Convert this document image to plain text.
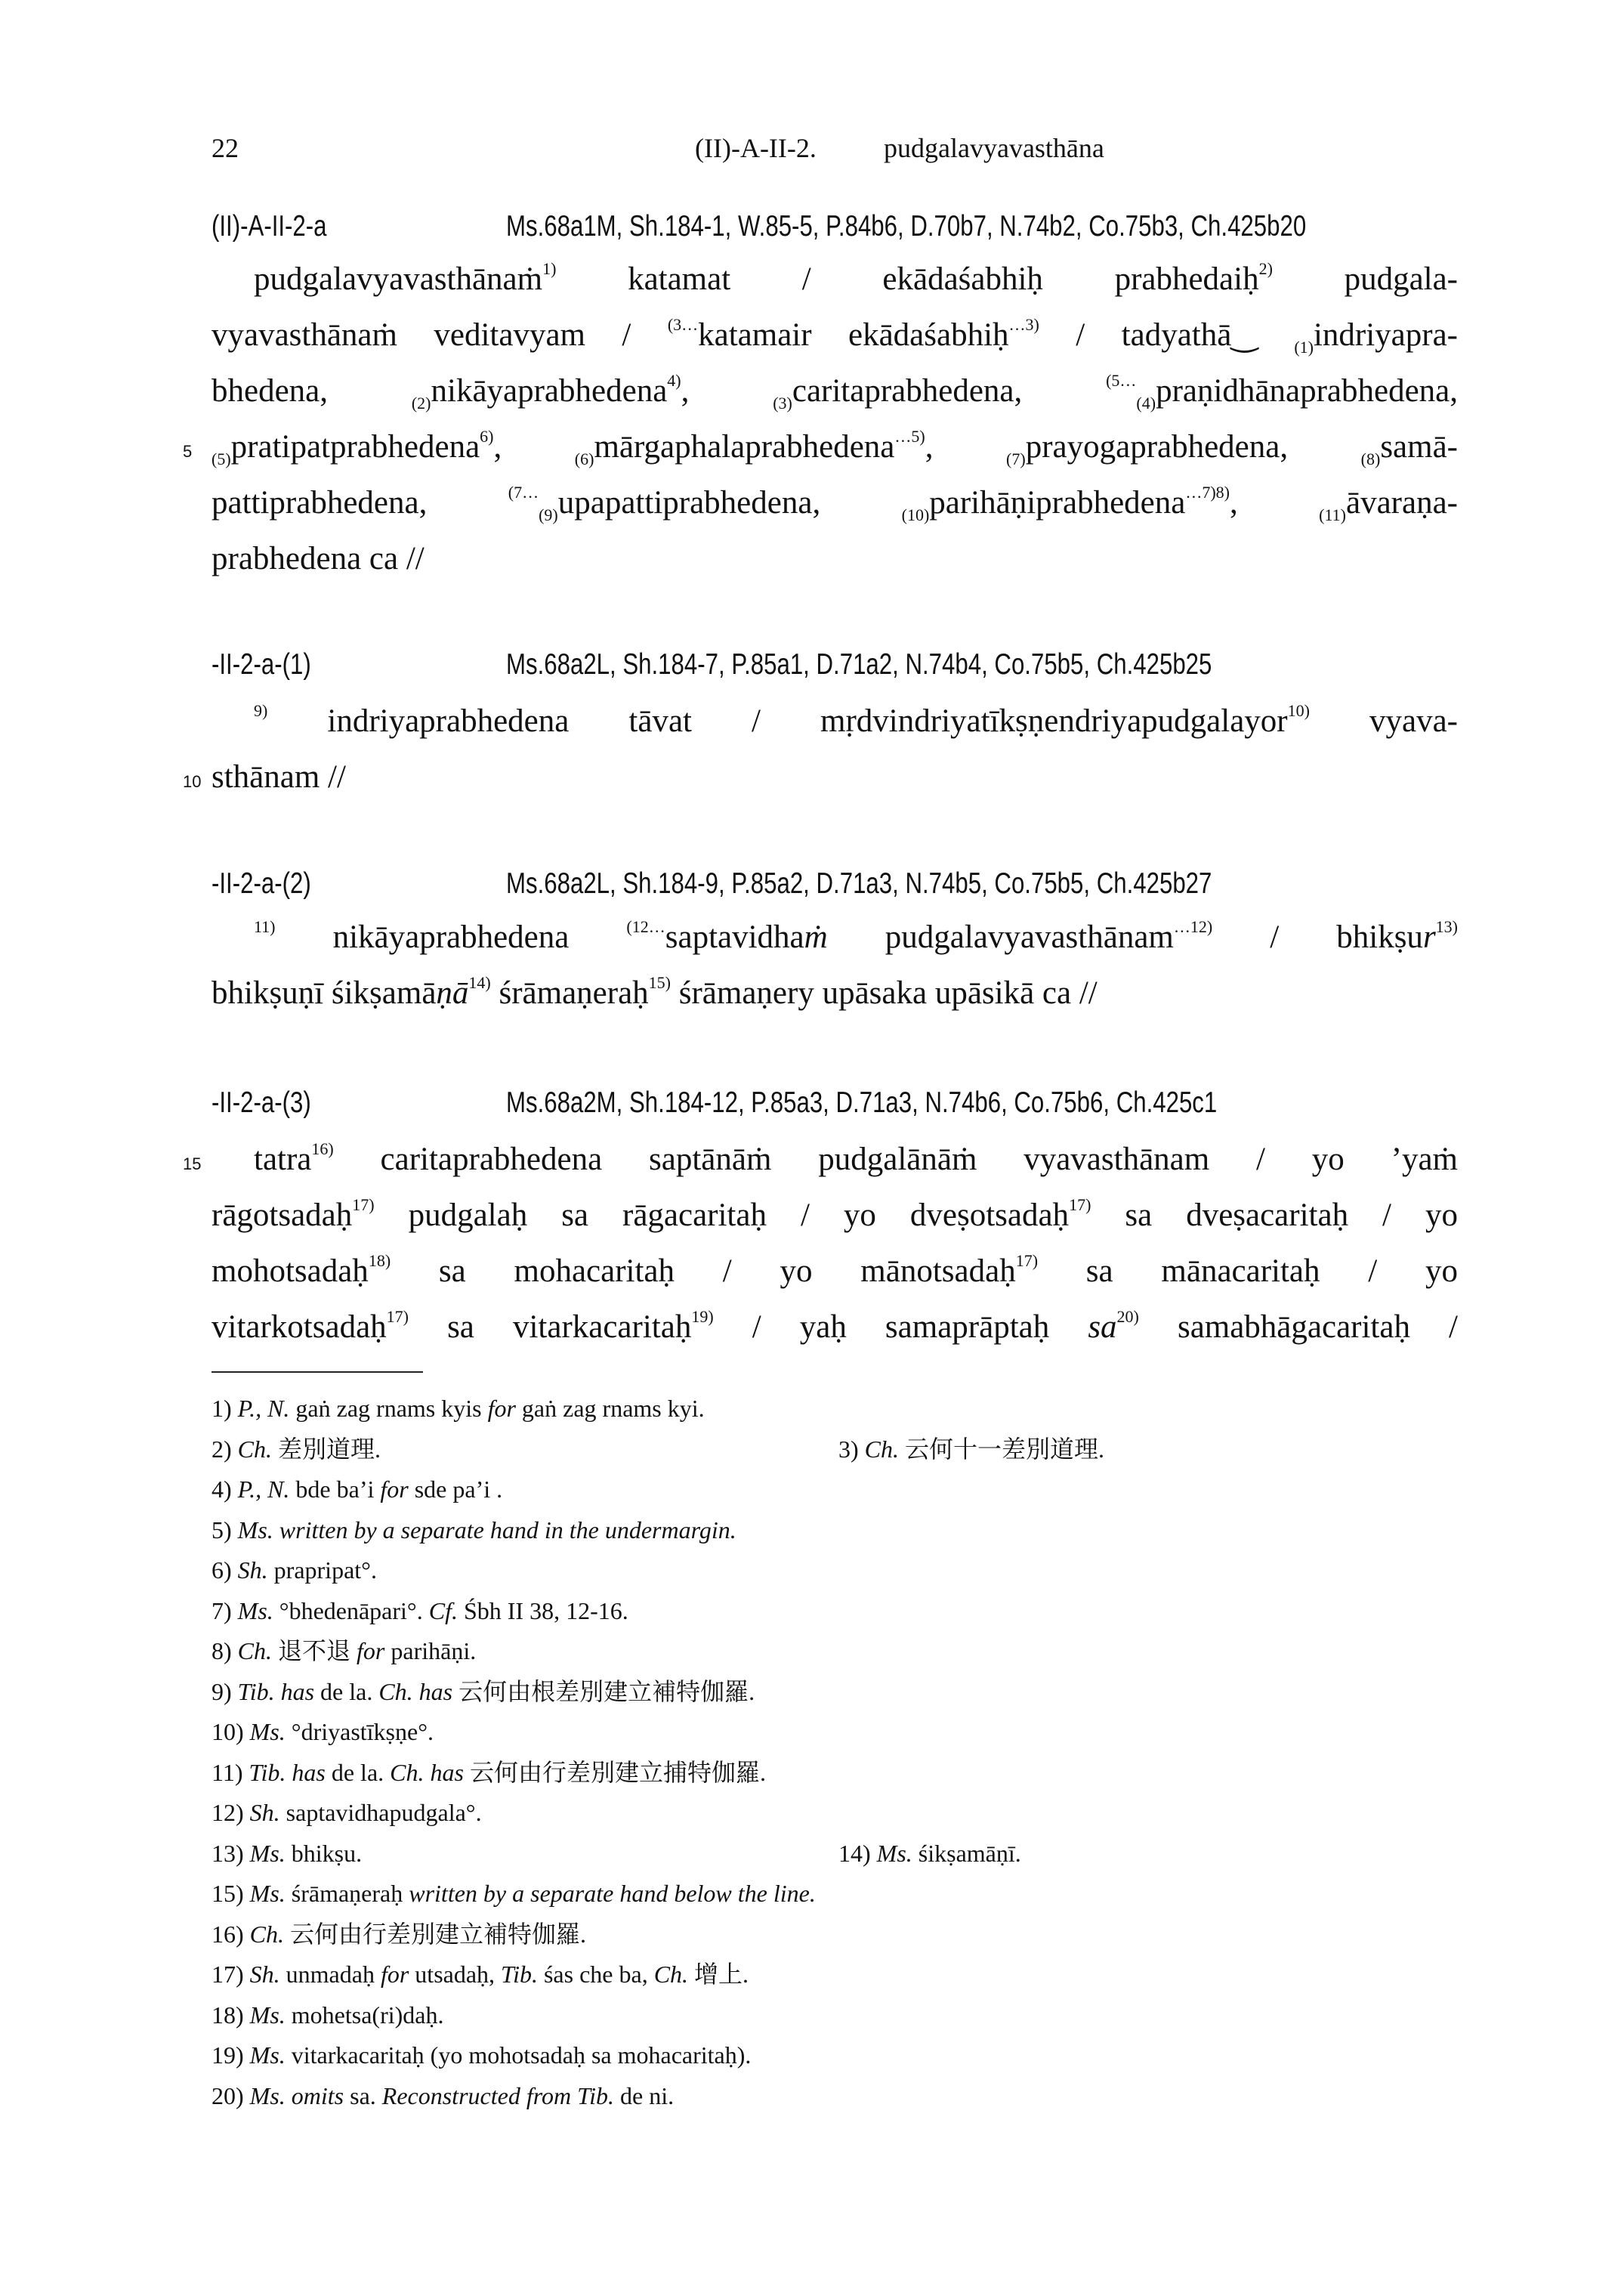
22	(II)-A-II-2. pudgalavyavasthāna
(II)-A-II-2-a	Ms.68a1M, Sh.184-1, W.85-5, P.84b6, D.70b7, N.74b2, Co.75b3, Ch.425b20
pudgalavyavasthānaṁ$^{1)}$ katamat / ekādaśabhiḥ prabhedaiḥ$^{2)}$ pudgala-
vyavasthānaṁ veditavyam / $^{(3\dots}$katamair ekādaśabhiḥ$^{\dots 3)}$ / tadyathā‿ $_{(1)}$indriyapra-
bhedena, $_{(2)}$nikāyaprabhedena$^{4)}$, $_{(3)}$caritaprabhedena, $^{(5\dots}_{(4)}$praṇidhānaprabhedena,
5 $_{(5)}$pratipatprabhedena$^{6)}$, $_{(6)}$mārgaphalaprabhedena$^{\dots 5)}$, $_{(7)}$prayogaprabhedena, $_{(8)}$samā-
pattiprabhedena, $^{(7\dots}_{(9)}$upapattiprabhedena, $_{(10)}$parihāṇiprabhedena$^{\dots 7)8)}$, $_{(11)}$āvaraṇa-
prabhedena ca //
-II-2-a-(1)	Ms.68a2L, Sh.184-7, P.85a1, D.71a2, N.74b4, Co.75b5, Ch.425b25
$^{9)}$ indriyaprabhedena tāvat / mṛdvindriyatīkṣṇendriyapudgalayor$^{10)}$ vyava-
10 sthānam //
-II-2-a-(2)	Ms.68a2L, Sh.184-9, P.85a2, D.71a3, N.74b5, Co.75b5, Ch.425b27
$^{11)}$ nikāyaprabhedena $^{(12\dots}$saptavidhaṁ pudgalavyavasthānam$^{\dots 12)}$ / bhikṣur$^{13)}$
bhikṣuṇī śikṣamāṇā$^{14)}$ śrāmaṇeraḥ$^{15)}$ śrāmaṇery upāsaka upāsikā ca //
-II-2-a-(3)	Ms.68a2M, Sh.184-12, P.85a3, D.71a3, N.74b6, Co.75b6, Ch.425c1
15 tatra$^{16)}$ caritaprabhedena saptānāṁ pudgalānāṁ vyavasthānam / yo ’yaṁ
rāgotsadaḥ$^{17)}$ pudgalaḥ sa rāgacaritaḥ / yo dveṣotsadaḥ$^{17)}$ sa dveṣacaritaḥ / yo
mohotsadaḥ$^{18)}$ sa mohacaritaḥ / yo mānotsadaḥ$^{17)}$ sa mānacaritaḥ / yo
vitarkotsadaḥ$^{17)}$ sa vitarkacaritaḥ$^{19)}$ / yaḥ samaprāptaḥ $sa^{20)}$ samabhāgacaritaḥ /
1) P., N. gaṅ zag rnams kyis for gaṅ zag rnams kyi.
2) Ch. 差別道理.	3) Ch. 云何十一差別道理.
4) P., N. bde ba’i for sde pa’i .
5) Ms. written by a separate hand in the undermargin.
6) Sh. prapripat°.
7) Ms. °bhedenāpari°. Cf. Śbh II 38, 12-16.
8) Ch. 退不退 for parihāṇi.
9) Tib. has de la. Ch. has 云何由根差別建立補特伽羅.
10) Ms. °driyastīkṣṇe°.
11) Tib. has de la. Ch. has 云何由行差別建立捕特伽羅.
12) Sh. saptavidhapudgala°.
13) Ms. bhikṣu.	14) Ms. śikṣamāṇī.
15) Ms. śrāmaṇeraḥ written by a separate hand below the line.
16) Ch. 云何由行差別建立補特伽羅.
17) Sh. unmadaḥ for utsadaḥ, Tib. śas che ba, Ch. 增上.
18) Ms. mohetsa(ri)daḥ.
19) Ms. vitarkacaritaḥ (yo mohotsadaḥ sa mohacaritaḥ).
20) Ms. omits sa. Reconstructed from Tib. de ni.
